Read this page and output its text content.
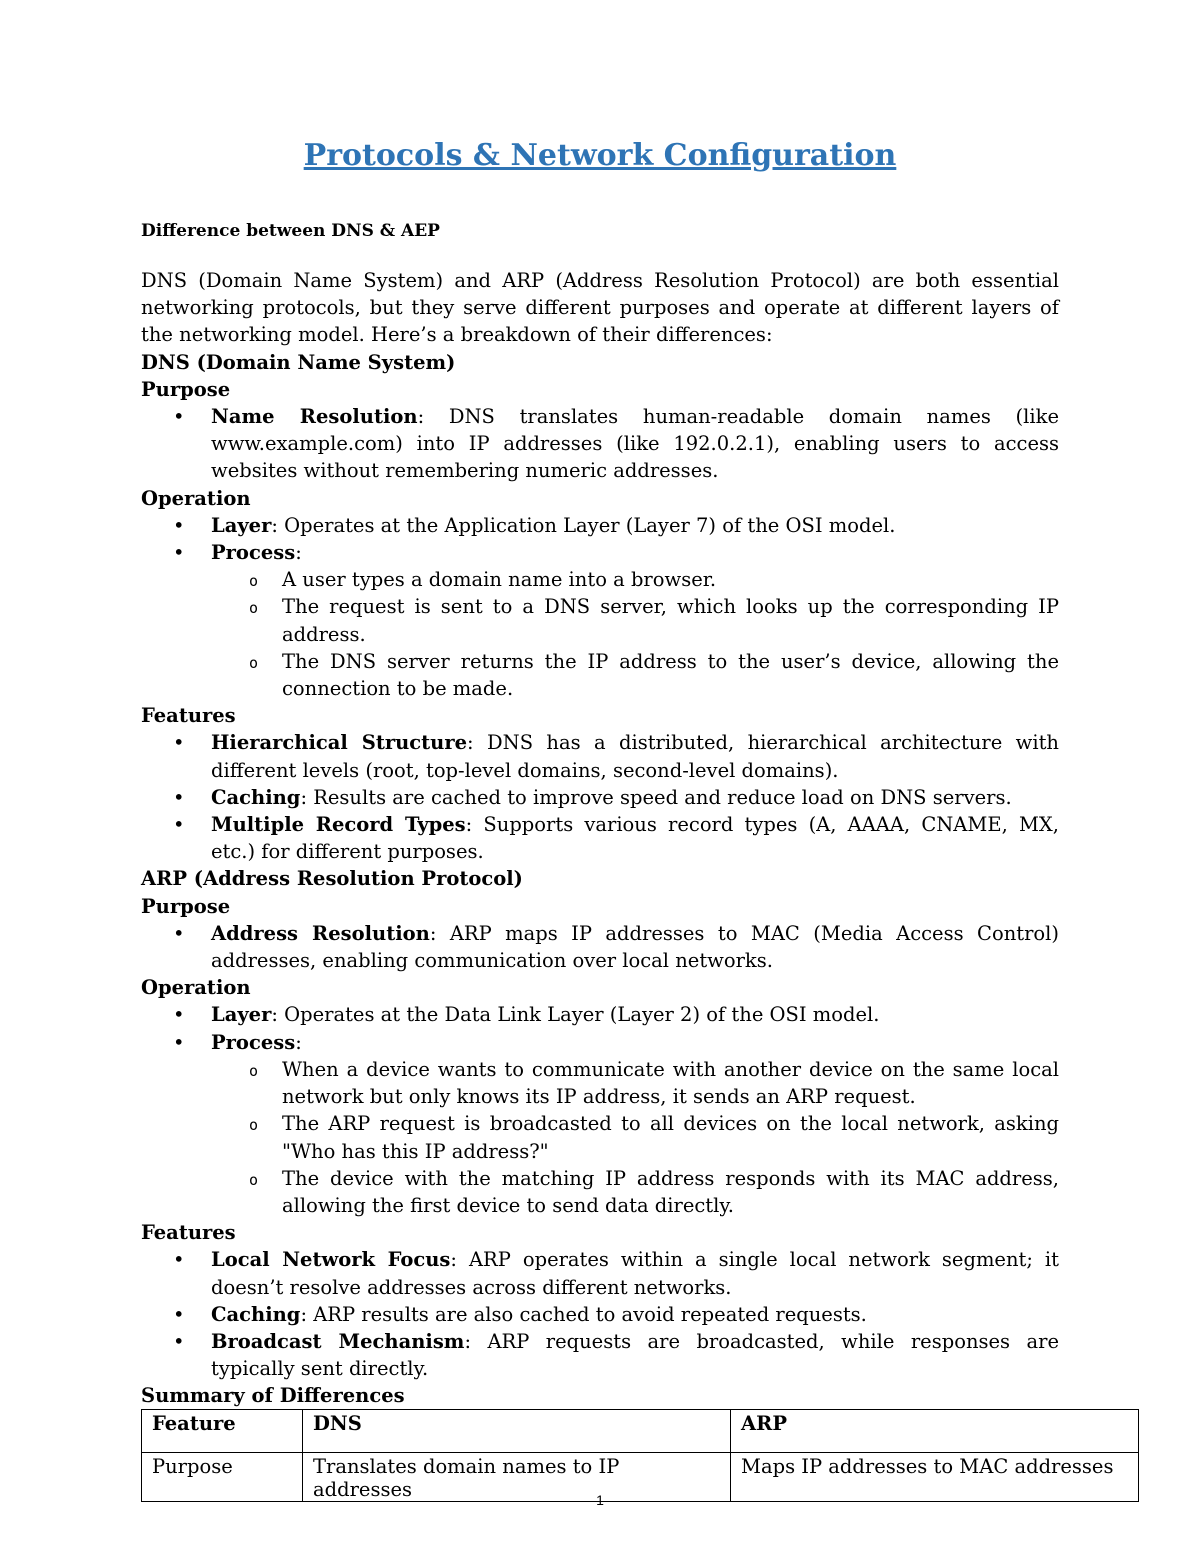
Protocols & Network Configuration

Difference between DNS & AEP

DNS (Domain Name System) and ARP (Address Resolution Protocol) are both essential networking protocols, but they serve different purposes and operate at different layers of the networking model. Here’s a breakdown of their differences:

DNS (Domain Name System)

Purpose

• Name Resolution: DNS translates human-readable domain names (like www.example.com) into IP addresses (like 192.0.2.1), enabling users to access websites without remembering numeric addresses.

Operation

• Layer: Operates at the Application Layer (Layer 7) of the OSI model.
• Process:
o A user types a domain name into a browser.
o The request is sent to a DNS server, which looks up the corresponding IP address.
o The DNS server returns the IP address to the user’s device, allowing the connection to be made.

Features

• Hierarchical Structure: DNS has a distributed, hierarchical architecture with different levels (root, top-level domains, second-level domains).
• Caching: Results are cached to improve speed and reduce load on DNS servers.
• Multiple Record Types: Supports various record types (A, AAAA, CNAME, MX, etc.) for different purposes.

ARP (Address Resolution Protocol)

Purpose

• Address Resolution: ARP maps IP addresses to MAC (Media Access Control) addresses, enabling communication over local networks.

Operation

• Layer: Operates at the Data Link Layer (Layer 2) of the OSI model.
• Process:
o When a device wants to communicate with another device on the same local network but only knows its IP address, it sends an ARP request.
o The ARP request is broadcasted to all devices on the local network, asking "Who has this IP address?"
o The device with the matching IP address responds with its MAC address, allowing the first device to send data directly.

Features

• Local Network Focus: ARP operates within a single local network segment; it doesn’t resolve addresses across different networks.
• Caching: ARP results are also cached to avoid repeated requests.
• Broadcast Mechanism: ARP requests are broadcasted, while responses are typically sent directly.

Summary of Differences

Feature	DNS	ARP
Purpose	Translates domain names to IP addresses	Maps IP addresses to MAC addresses
1
